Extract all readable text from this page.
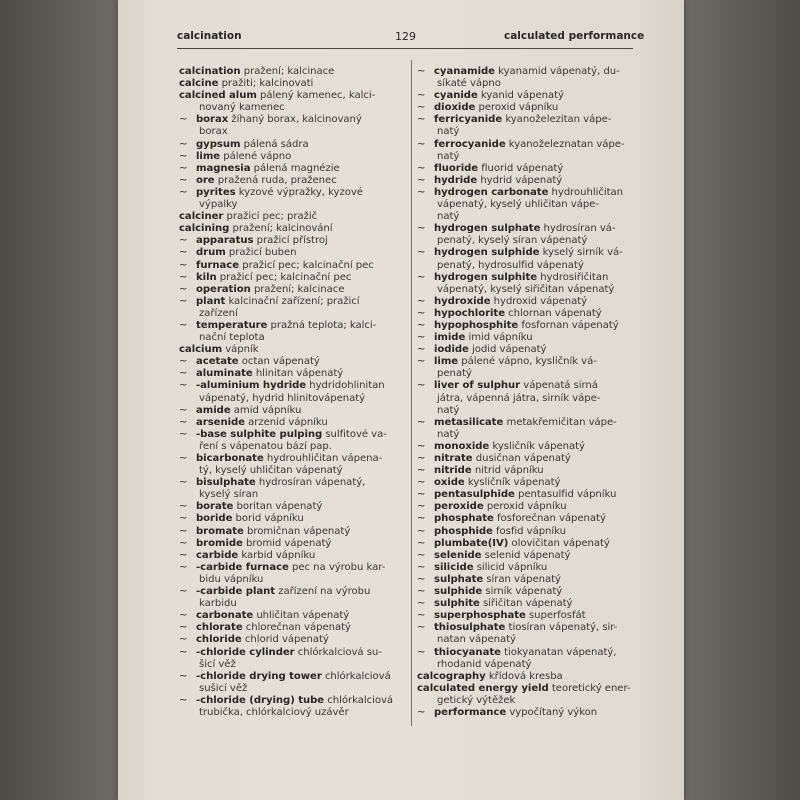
calcination	129	calculated performance
calcination pražení; kalcinace
calcine pražiti; kalcinovati
calcined alum pálený kamenec, kalci-
novaný kamenec
~ borax žíhaný borax, kalcinovaný
borax
~ gypsum pálená sádra
~ lime pálené vápno
~ magnesia pálená magnézie
~ ore pražená ruda, praženec
~ pyrites kyzové výpražky, kyzové
výpalky
calciner pražicí pec; pražič
calcining pražení; kalcinování
~ apparatus pražicí přístroj
~ drum pražicí buben
~ furnace pražicí pec; kalcinační pec
~ kiln pražicí pec; kalcinační pec
~ operation pražení; kalcinace
~ plant kalcinační zařízení; pražicí
zařízení
~ temperature pražná teplota; kalci-
nační teplota
calcium vápník
~ acetate octan vápenatý
~ aluminate hlinitan vápenatý
~ -aluminium hydride hydridohlinitan
vápenatý, hydrid hlinitovápenatý
~ amide amid vápníku
~ arsenide arzenid vápníku
~ -base sulphite pulping sulfitové va-
ření s vápenatou bází pap.
~ bicarbonate hydrouhličitan vápena-
tý, kyselý uhličitan vápenatý
~ bisulphate hydrosíran vápenatý,
kyselý síran
~ borate boritan vápenatý
~ boride borid vápníku
~ bromate bromičnan vápenatý
~ bromide bromid vápenatý
~ carbide karbid vápníku
~ -carbide furnace pec na výrobu kar-
bidu vápníku
~ -carbide plant zařízení na výrobu
karbidu
~ carbonate uhličitan vápenatý
~ chlorate chlorečnan vápenatý
~ chloride chlorid vápenatý
~ -chloride cylinder chlórkalciová su-
šicí věž
~ -chloride drying tower chlórkalciová
sušicí věž
~ -chloride (drying) tube chlórkalciová
trubička, chlórkalciový uzávěr
~ cyanamide kyanamid vápenatý, du-
síkaté vápno
~ cyanide kyanid vápenatý
~ dioxide peroxid vápníku
~ ferricyanide kyanoželezitan vápe-
natý
~ ferrocyanide kyanoželeznatan vápe-
natý
~ fluoride fluorid vápenatý
~ hydride hydrid vápenatý
~ hydrogen carbonate hydrouhličitan
vápenatý, kyselý uhličitan vápe-
natý
~ hydrogen sulphate hydrosíran vá-
penatý, kyselý síran vápenatý
~ hydrogen sulphide kyselý sirník vá-
penatý, hydrosulfid vápenatý
~ hydrogen sulphite hydrosiřičitan
vápenatý, kyselý siřičitan vápenatý
~ hydroxide hydroxid vápenatý
~ hypochlorite chlornan vápenatý
~ hypophosphite fosfornan vápenatý
~ imide imid vápníku
~ iodide jodid vápenatý
~ lime pálené vápno, kysličník vá-
penatý
~ liver of sulphur vápenatá sirná
játra, vápenná játra, sirník vápe-
natý
~ metasilicate metakřemičitan vápe-
natý
~ monoxide kysličník vápenatý
~ nitrate dusičnan vápenatý
~ nitride nitrid vápníku
~ oxide kysličník vápenatý
~ pentasulphide pentasulfid vápníku
~ peroxide peroxid vápníku
~ phosphate fosforečnan vápenatý
~ phosphide fosfid vápníku
~ plumbate(IV) olovičitan vápenatý
~ selenide selenid vápenatý
~ silicide silicid vápníku
~ sulphate síran vápenatý
~ sulphide sirník vápenatý
~ sulphite siřičitan vápenatý
~ superphosphate superfosfát
~ thiosulphate tiosíran vápenatý, sir-
natan vápenatý
~ thiocyanate tiokyanatan vápenatý,
rhodanid vápenatý
calcography křídová kresba
calculated energy yield teoretický ener-
getický výtěžek
~ performance vypočítaný výkon
